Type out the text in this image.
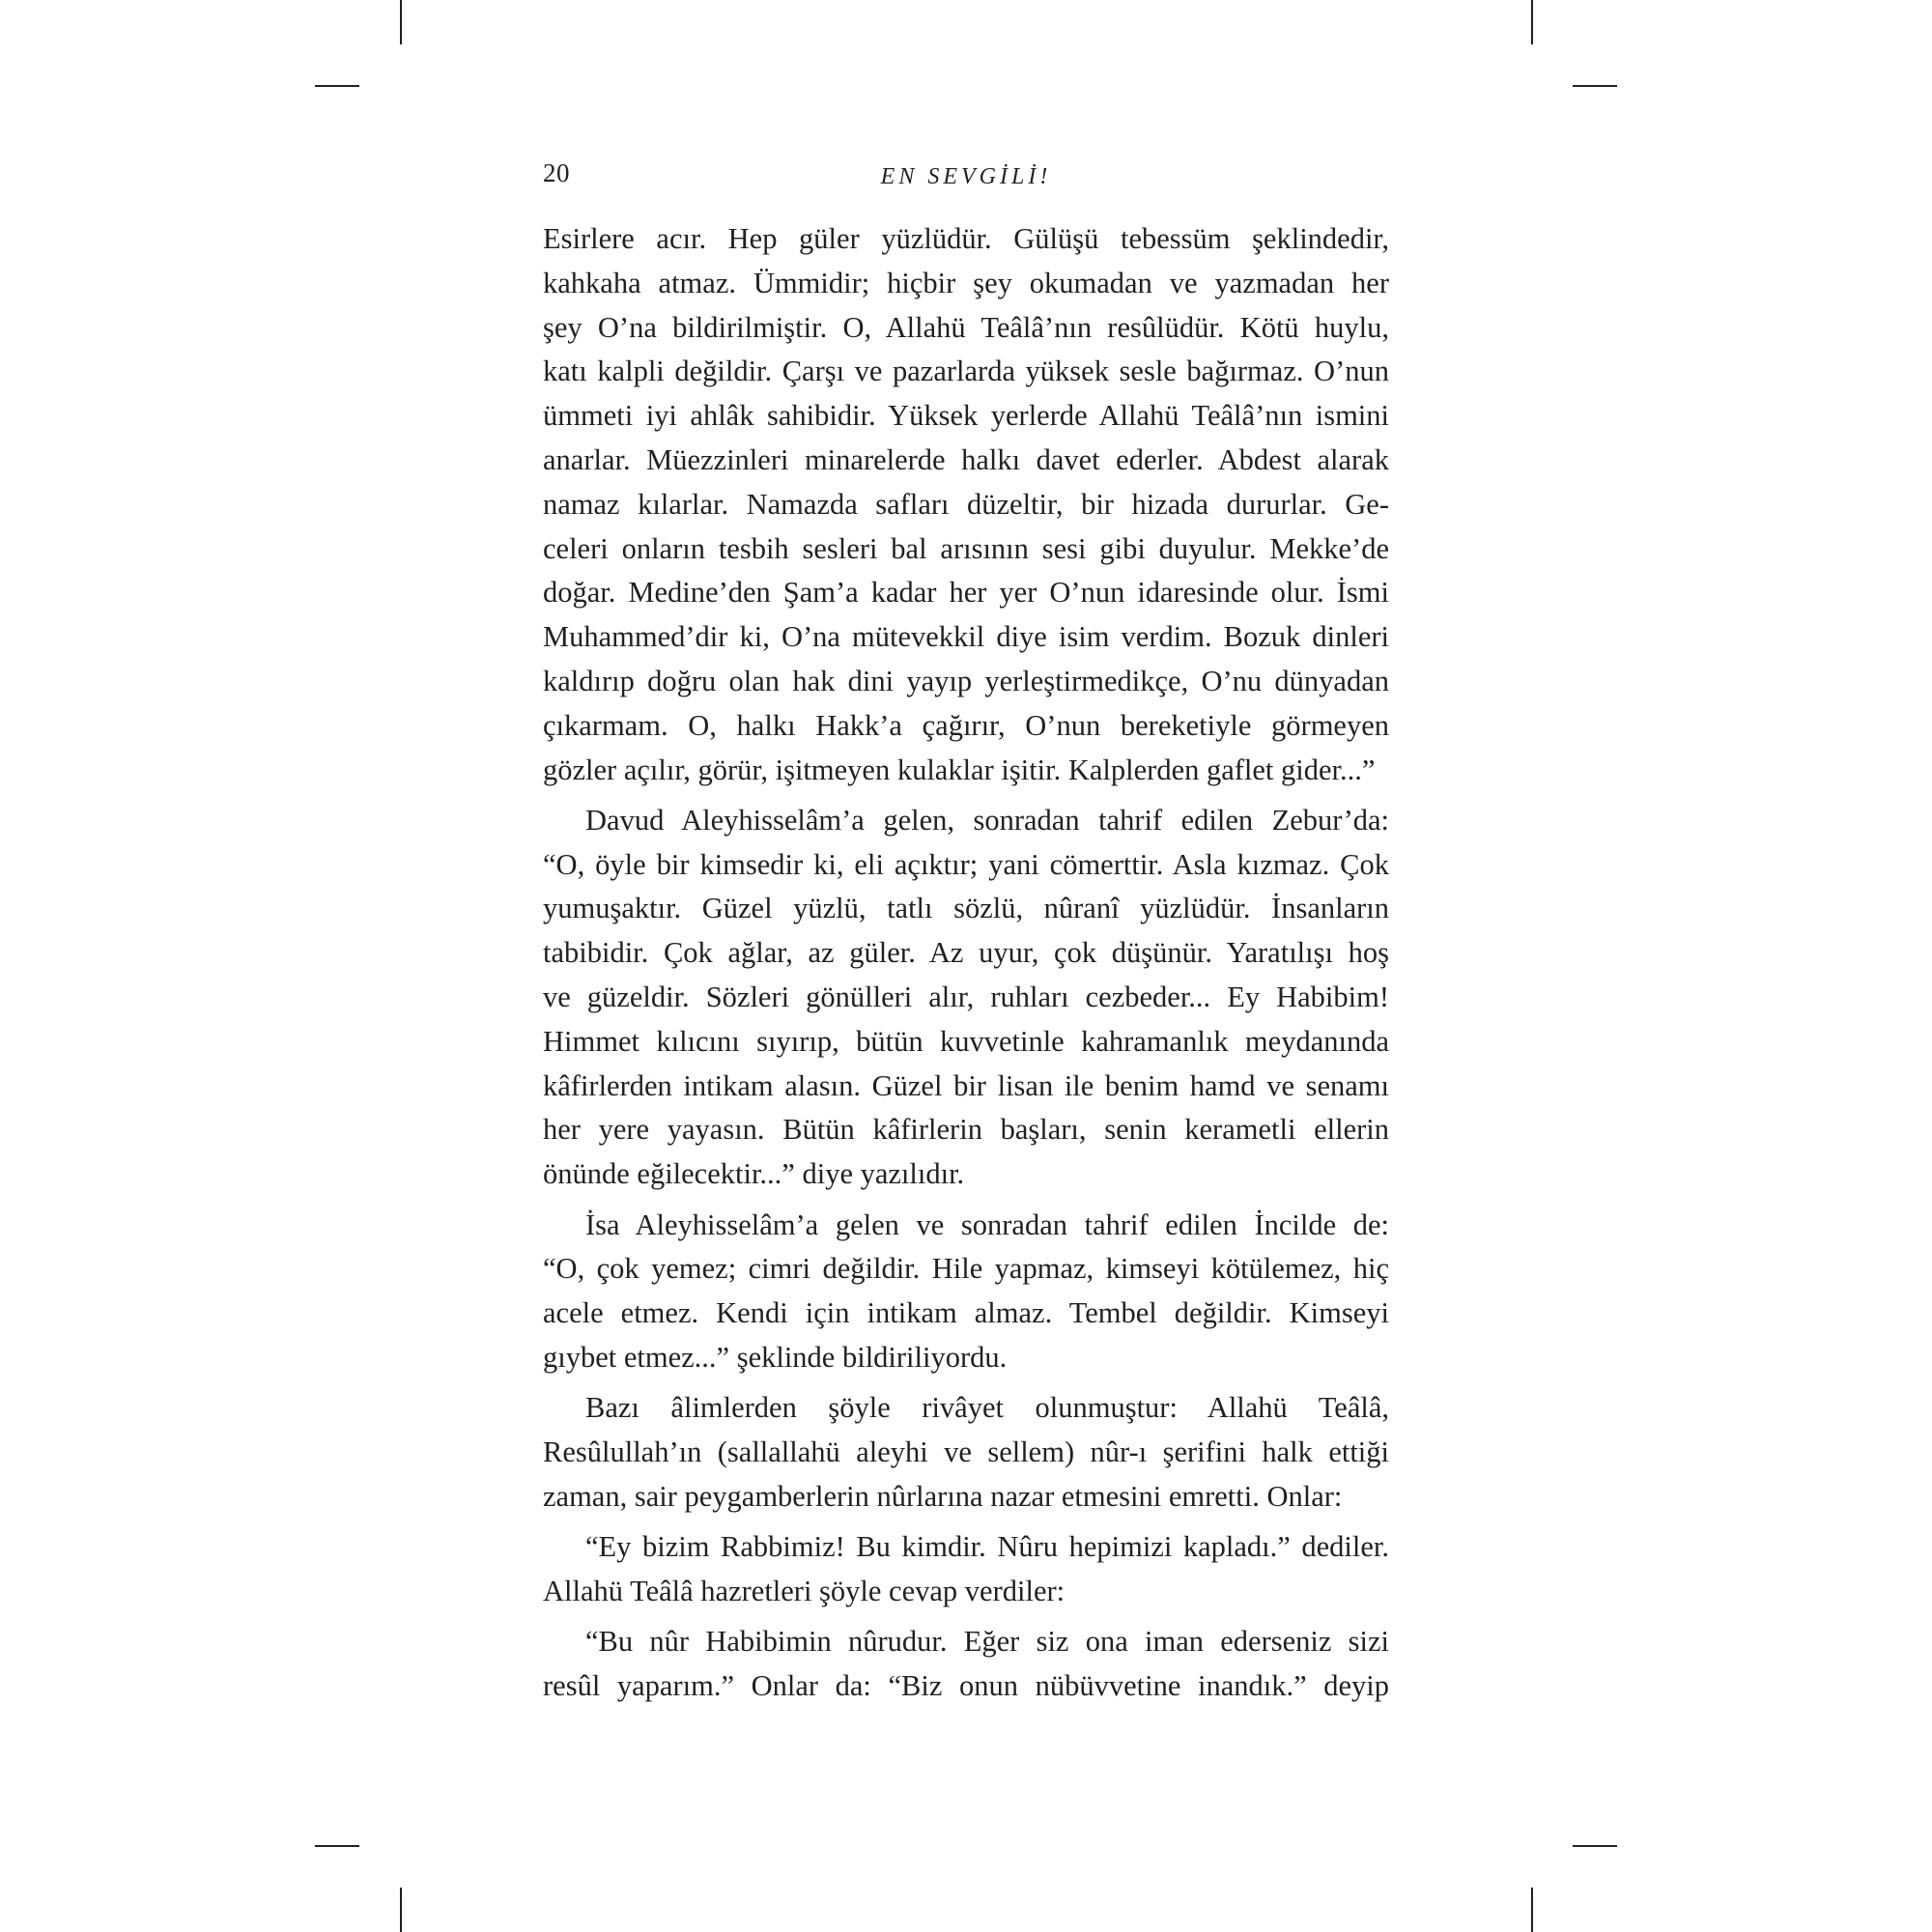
20	EN SEVGİLİ!
Esirlere acır. Hep güler yüzlüdür. Gülüşü tebessüm şeklindedir,
kahkaha atmaz. Ümmidir; hiçbir şey okumadan ve yazmadan her
şey O’na bildirilmiştir. O, Allahü Teâlâ’nın resûlüdür. Kötü huylu,
katı kalpli değildir. Çarşı ve pazarlarda yüksek sesle bağırmaz. O’nun
ümmeti iyi ahlâk sahibidir. Yüksek yerlerde Allahü Teâlâ’nın ismini
anarlar. Müezzinleri minarelerde halkı davet ederler. Abdest alarak
namaz kılarlar. Namazda safları düzeltir, bir hizada dururlar. Ge-
celeri onların tesbih sesleri bal arısının sesi gibi duyulur. Mekke’de
doğar. Medine’den Şam’a kadar her yer O’nun idaresinde olur. İsmi
Muhammed’dir ki, O’na mütevekkil diye isim verdim. Bozuk dinleri
kaldırıp doğru olan hak dini yayıp yerleştirmedikçe, O’nu dünyadan
çıkarmam. O, halkı Hakk’a çağırır, O’nun bereketiyle görmeyen
gözler açılır, görür, işitmeyen kulaklar işitir. Kalplerden gaflet gider...”
Davud Aleyhisselâm’a gelen, sonradan tahrif edilen Zebur’da:
“O, öyle bir kimsedir ki, eli açıktır; yani cömerttir. Asla kızmaz. Çok
yumuşaktır. Güzel yüzlü, tatlı sözlü, nûranî yüzlüdür. İnsanların
tabibidir. Çok ağlar, az güler. Az uyur, çok düşünür. Yaratılışı hoş
ve güzeldir. Sözleri gönülleri alır, ruhları cezbeder... Ey Habibim!
Himmet kılıcını sıyırıp, bütün kuvvetinle kahramanlık meydanında
kâfirlerden intikam alasın. Güzel bir lisan ile benim hamd ve senamı
her yere yayasın. Bütün kâfirlerin başları, senin kerametli ellerin
önünde eğilecektir...” diye yazılıdır.
İsa Aleyhisselâm’a gelen ve sonradan tahrif edilen İncilde de:
“O, çok yemez; cimri değildir. Hile yapmaz, kimseyi kötülemez, hiç
acele etmez. Kendi için intikam almaz. Tembel değildir. Kimseyi
gıybet etmez...” şeklinde bildiriliyordu.
Bazı âlimlerden şöyle rivâyet olunmuştur: Allahü Teâlâ,
Resûlullah’ın (sallallahü aleyhi ve sellem) nûr-ı şerifini halk ettiği
zaman, sair peygamberlerin nûrlarına nazar etmesini emretti. Onlar:
“Ey bizim Rabbimiz! Bu kimdir. Nûru hepimizi kapladı.” dediler.
Allahü Teâlâ hazretleri şöyle cevap verdiler:
“Bu nûr Habibimin nûrudur. Eğer siz ona iman ederseniz sizi
resûl yaparım.” Onlar da: “Biz onun nübüvvetine inandık.” deyip
